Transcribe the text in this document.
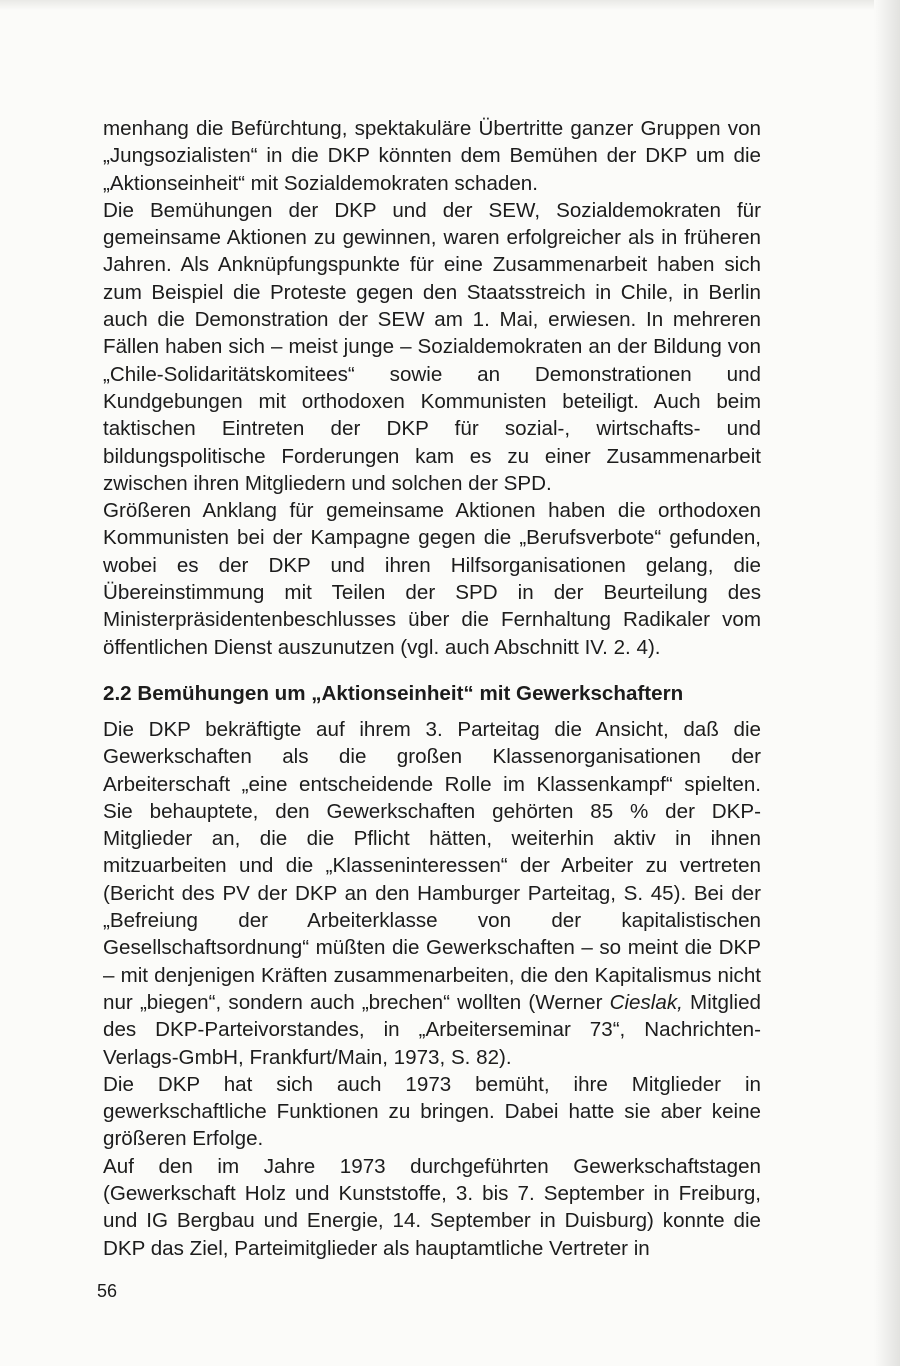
menhang die Befürchtung, spektakuläre Übertritte ganzer Gruppen von „Jungsozialisten“ in die DKP könnten dem Bemühen der DKP um die „Aktionseinheit“ mit Sozialdemokraten schaden.

Die Bemühungen der DKP und der SEW, Sozialdemokraten für gemeinsame Aktionen zu gewinnen, waren erfolgreicher als in früheren Jahren. Als Anknüpfungspunkte für eine Zusammenarbeit haben sich zum Beispiel die Proteste gegen den Staatsstreich in Chile, in Berlin auch die Demonstration der SEW am 1. Mai, erwiesen. In mehreren Fällen haben sich – meist junge – Sozialdemokraten an der Bildung von „Chile-Solidaritätskomitees“ sowie an Demonstrationen und Kundgebungen mit orthodoxen Kommunisten beteiligt. Auch beim taktischen Eintreten der DKP für sozial-, wirtschafts- und bildungspolitische Forderungen kam es zu einer Zusammenarbeit zwischen ihren Mitgliedern und solchen der SPD.

Größeren Anklang für gemeinsame Aktionen haben die orthodoxen Kommunisten bei der Kampagne gegen die „Berufsverbote“ gefunden, wobei es der DKP und ihren Hilfsorganisationen gelang, die Übereinstimmung mit Teilen der SPD in der Beurteilung des Ministerpräsidentenbeschlusses über die Fernhaltung Radikaler vom öffentlichen Dienst auszunutzen (vgl. auch Abschnitt IV. 2. 4).

2.2 Bemühungen um „Aktionseinheit“ mit Gewerkschaftern

Die DKP bekräftigte auf ihrem 3. Parteitag die Ansicht, daß die Gewerkschaften als die großen Klassenorganisationen der Arbeiterschaft „eine entscheidende Rolle im Klassenkampf“ spielten. Sie behauptete, den Gewerkschaften gehörten 85 % der DKP-Mitglieder an, die die Pflicht hätten, weiterhin aktiv in ihnen mitzuarbeiten und die „Klasseninteressen“ der Arbeiter zu vertreten (Bericht des PV der DKP an den Hamburger Parteitag, S. 45). Bei der „Befreiung der Arbeiterklasse von der kapitalistischen Gesellschaftsordnung“ müßten die Gewerkschaften – so meint die DKP – mit denjenigen Kräften zusammenarbeiten, die den Kapitalismus nicht nur „biegen“, sondern auch „brechen“ wollten (Werner Cieslak, Mitglied des DKP-Parteivorstandes, in „Arbeiterseminar 73“, Nachrichten-Verlags-GmbH, Frankfurt/Main, 1973, S. 82).

Die DKP hat sich auch 1973 bemüht, ihre Mitglieder in gewerkschaftliche Funktionen zu bringen. Dabei hatte sie aber keine größeren Erfolge.

Auf den im Jahre 1973 durchgeführten Gewerkschaftstagen (Gewerkschaft Holz und Kunststoffe, 3. bis 7. September in Freiburg, und IG Bergbau und Energie, 14. September in Duisburg) konnte die DKP das Ziel, Parteimitglieder als hauptamtliche Vertreter in

56
